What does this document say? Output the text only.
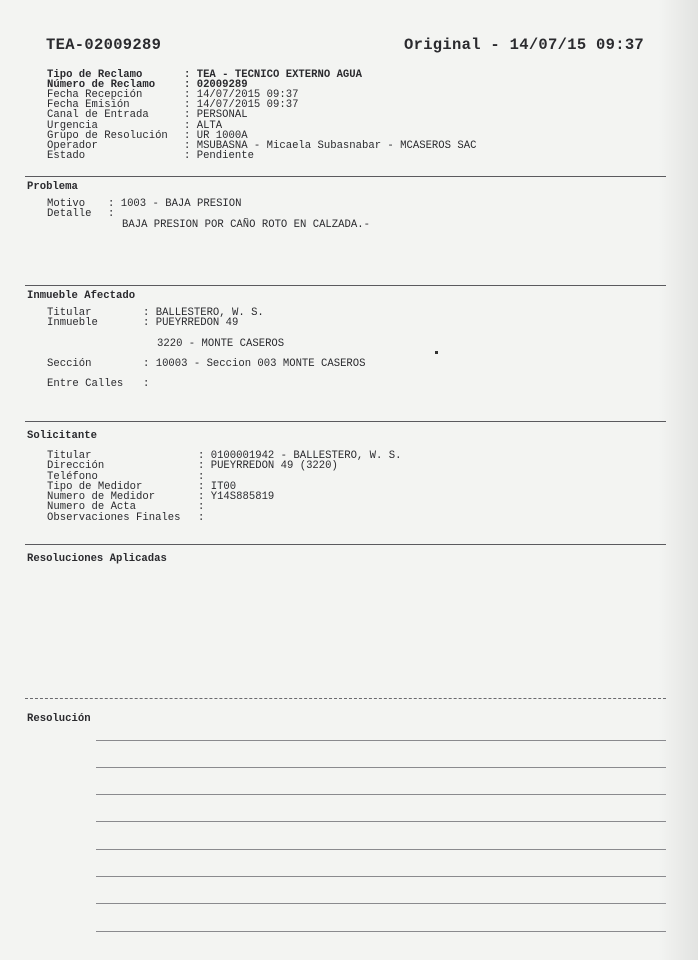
TEA-02009289	Original - 14/07/15 09:37
Tipo de Reclamo	: TEA - TECNICO EXTERNO AGUA
Número de Reclamo	: 02009289
Fecha Recepción	: 14/07/2015 09:37
Fecha Emisión	: 14/07/2015 09:37
Canal de Entrada	: PERSONAL
Urgencia	: ALTA
Grupo de Resolución : UR 1000A
Operador	: MSUBASNA - Micaela Subasnabar - MCASEROS SAC
Estado	: Pendiente
Problema
Motivo : 1003 - BAJA PRESION
Detalle :
BAJA PRESION POR CAÑO ROTO EN CALZADA.-
Inmueble Afectado
Titular	: BALLESTERO, W. S.
Inmueble	: PUEYRREDON 49
3220 - MONTE CASEROS
Sección	: 10003 - Seccion 003 MONTE CASEROS
Entre Calles :
Solicitante
Titular	: 0100001942 - BALLESTERO, W. S.
Dirección	: PUEYRREDON 49 (3220)
Teléfono	:
Tipo de Medidor	: IT00
Numero de Medidor	: Y14S885819
Numero de Acta	:
Observaciones Finales :
Resoluciones Aplicadas
Resolución
